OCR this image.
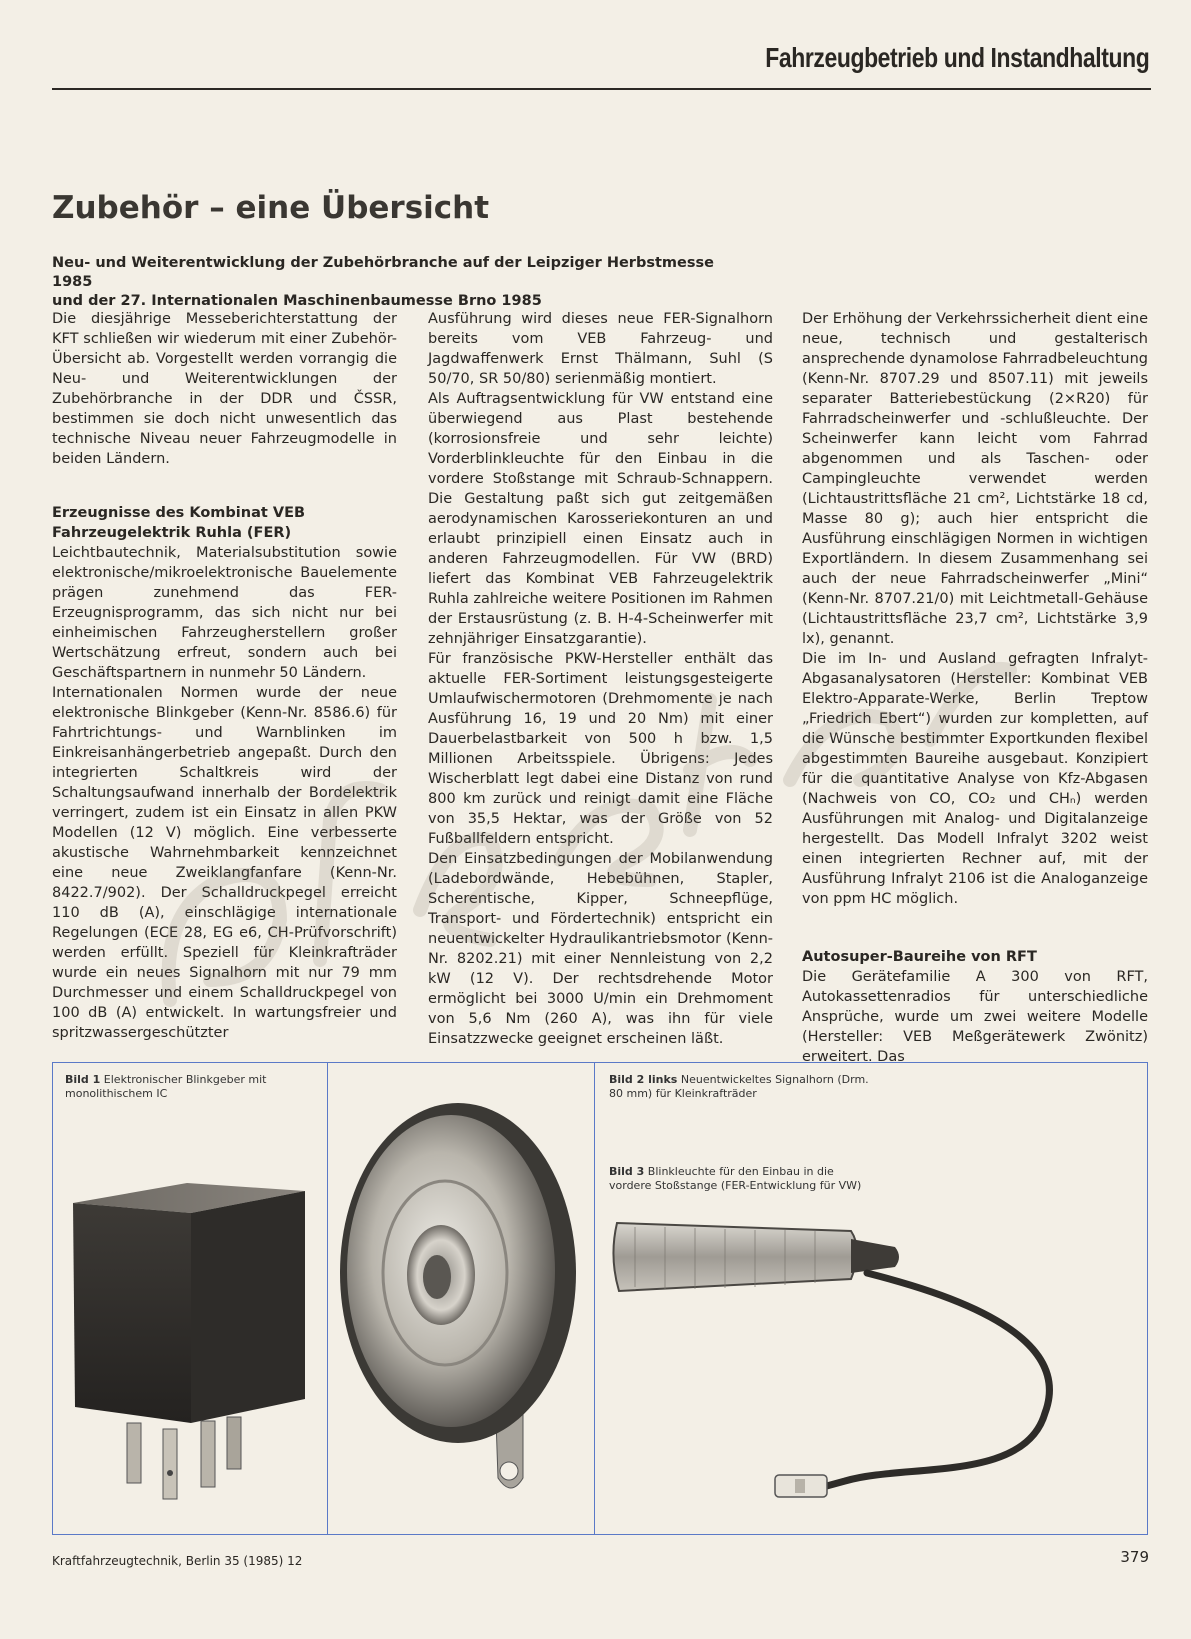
Fahrzeugbetrieb und Instandhaltung
Zubehör – eine Übersicht

Neu- und Weiterentwicklung der Zubehörbranche auf der Leipziger Herbstmesse 1985
und der 27. Internationalen Maschinenbaumesse Brno 1985

Die diesjährige Messeberichterstattung der KFT schließen wir wiederum mit einer Zubehör-Übersicht ab. Vorgestellt werden vorrangig die Neu- und Weiterentwicklungen der Zubehörbranche in der DDR und ČSSR, bestimmen sie doch nicht unwesentlich das technische Niveau neuer Fahrzeugmodelle in beiden Ländern.

Erzeugnisse des Kombinat VEB Fahrzeugelektrik Ruhla (FER)

Leichtbautechnik, Materialsubstitution sowie elektronische/mikroelektronische Bauelemente prägen zunehmend das FER-Erzeugnisprogramm, das sich nicht nur bei einheimischen Fahrzeugherstellern großer Wertschätzung erfreut, sondern auch bei Geschäftspartnern in nunmehr 50 Ländern.

Internationalen Normen wurde der neue elektronische Blinkgeber (Kenn-Nr. 8586.6) für Fahrtrichtungs- und Warnblinken im Einkreisanhängerbetrieb angepaßt. Durch den integrierten Schaltkreis wird der Schaltungsaufwand innerhalb der Bordelektrik verringert, zudem ist ein Einsatz in allen PKW Modellen (12 V) möglich. Eine verbesserte akustische Wahrnehmbarkeit kennzeichnet eine neue Zweiklangfanfare (Kenn-Nr. 8422.7/902). Der Schalldruckpegel erreicht 110 dB (A), einschlägige internationale Regelungen (ECE 28, EG e6, CH-Prüfvorschrift) werden erfüllt. Speziell für Kleinkrafträder wurde ein neues Signalhorn mit nur 79 mm Durchmesser und einem Schalldruckpegel von 100 dB (A) entwickelt. In wartungsfreier und spritzwassergeschützter

Ausführung wird dieses neue FER-Signalhorn bereits vom VEB Fahrzeug- und Jagdwaffenwerk Ernst Thälmann, Suhl (S 50/70, SR 50/80) serienmäßig montiert.

Als Auftragsentwicklung für VW entstand eine überwiegend aus Plast bestehende (korrosionsfreie und sehr leichte) Vorderblinkleuchte für den Einbau in die vordere Stoßstange mit Schraub-Schnappern. Die Gestaltung paßt sich gut zeitgemäßen aerodynamischen Karosseriekonturen an und erlaubt prinzipiell einen Einsatz auch in anderen Fahrzeugmodellen. Für VW (BRD) liefert das Kombinat VEB Fahrzeugelektrik Ruhla zahlreiche weitere Positionen im Rahmen der Erstausrüstung (z. B. H-4-Scheinwerfer mit zehnjähriger Einsatzgarantie).

Für französische PKW-Hersteller enthält das aktuelle FER-Sortiment leistungsgesteigerte Umlaufwischermotoren (Drehmomente je nach Ausführung 16, 19 und 20 Nm) mit einer Dauerbelastbarkeit von 500 h bzw. 1,5 Millionen Arbeitsspiele. Übrigens: Jedes Wischerblatt legt dabei eine Distanz von rund 800 km zurück und reinigt damit eine Fläche von 35,5 Hektar, was der Größe von 52 Fußballfeldern entspricht.

Den Einsatzbedingungen der Mobilanwendung (Ladebordwände, Hebebühnen, Stapler, Scherentische, Kipper, Schneepflüge, Transport- und Fördertechnik) entspricht ein neuentwickelter Hydraulikantriebsmotor (Kenn-Nr. 8202.21) mit einer Nennleistung von 2,2 kW (12 V). Der rechtsdrehende Motor ermöglicht bei 3000 U/min ein Drehmoment von 5,6 Nm (260 A), was ihn für viele Einsatzzwecke geeignet erscheinen läßt.

Der Erhöhung der Verkehrssicherheit dient eine neue, technisch und gestalterisch ansprechende dynamolose Fahrradbeleuchtung (Kenn-Nr. 8707.29 und 8507.11) mit jeweils separater Batteriebestückung (2×R20) für Fahrradscheinwerfer und -schlußleuchte. Der Scheinwerfer kann leicht vom Fahrrad abgenommen und als Taschen- oder Campingleuchte verwendet werden (Lichtaustrittsfläche 21 cm², Lichtstärke 18 cd, Masse 80 g); auch hier entspricht die Ausführung einschlägigen Normen in wichtigen Exportländern. In diesem Zusammenhang sei auch der neue Fahrradscheinwerfer „Mini“ (Kenn-Nr. 8707.21/0) mit Leichtmetall-Gehäuse (Lichtaustrittsfläche 23,7 cm², Lichtstärke 3,9 lx), genannt.

Die im In- und Ausland gefragten Infralyt-Abgasanalysatoren (Hersteller: Kombinat VEB Elektro-Apparate-Werke, Berlin Treptow „Friedrich Ebert“) wurden zur kompletten, auf die Wünsche bestimmter Exportkunden flexibel abgestimmten Baureihe ausgebaut. Konzipiert für die quantitative Analyse von Kfz-Abgasen (Nachweis von CO, CO₂ und CHₙ) werden Ausführungen mit Analog- und Digitalanzeige hergestellt. Das Modell Infralyt 3202 weist einen integrierten Rechner auf, mit der Ausführung Infralyt 2106 ist die Analoganzeige von ppm HC möglich.

Autosuper-Baureihe von RFT

Die Gerätefamilie A 300 von RFT, Autokassettenradios für unterschiedliche Ansprüche, wurde um zwei weitere Modelle (Hersteller: VEB Meßgerätewerk Zwönitz) erweitert. Das

Bild 1 Elektronischer Blinkgeber mit monolithischem IC
Bild 2 links Neuentwickeltes Signalhorn (Drm. 80 mm) für Kleinkrafträder
Bild 3 Blinkleuchte für den Einbau in die vordere Stoßstange (FER-Entwicklung für VW)
Kraftfahrzeugtechnik, Berlin 35 (1985) 12	379
